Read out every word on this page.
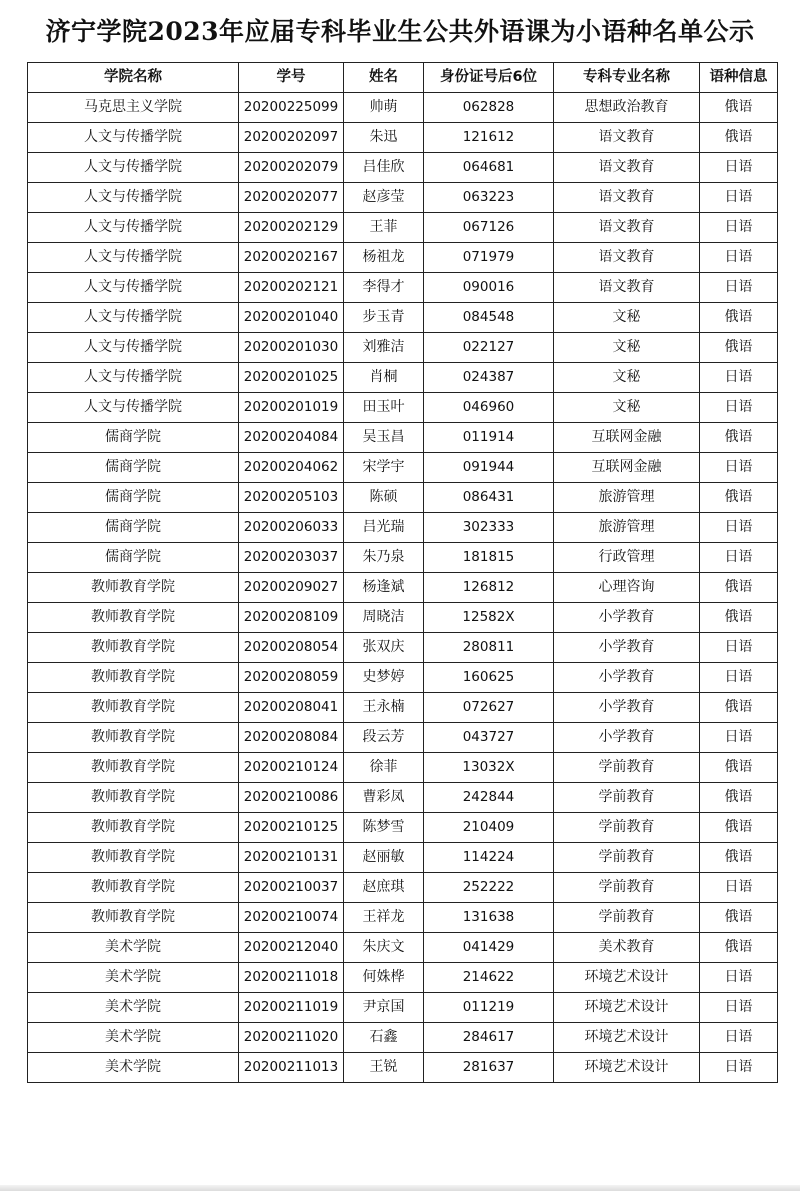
济宁学院2023年应届专科毕业生公共外语课为小语种名单公示
学院名称	学号	姓名	身份证号后6位	专科专业名称	语种信息
马克思主义学院	20200225099	帅萌	062828	思想政治教育	俄语
人文与传播学院	20200202097	朱迅	121612	语文教育	俄语
人文与传播学院	20200202079	吕佳欣	064681	语文教育	日语
人文与传播学院	20200202077	赵彦莹	063223	语文教育	日语
人文与传播学院	20200202129	王菲	067126	语文教育	日语
人文与传播学院	20200202167	杨祖龙	071979	语文教育	日语
人文与传播学院	20200202121	李得才	090016	语文教育	日语
人文与传播学院	20200201040	步玉青	084548	文秘	俄语
人文与传播学院	20200201030	刘雅洁	022127	文秘	俄语
人文与传播学院	20200201025	肖桐	024387	文秘	日语
人文与传播学院	20200201019	田玉叶	046960	文秘	日语
儒商学院	20200204084	吴玉昌	011914	互联网金融	俄语
儒商学院	20200204062	宋学宇	091944	互联网金融	日语
儒商学院	20200205103	陈硕	086431	旅游管理	俄语
儒商学院	20200206033	吕光瑞	302333	旅游管理	日语
儒商学院	20200203037	朱乃泉	181815	行政管理	日语
教师教育学院	20200209027	杨逢斌	126812	心理咨询	俄语
教师教育学院	20200208109	周晓洁	12582X	小学教育	俄语
教师教育学院	20200208054	张双庆	280811	小学教育	日语
教师教育学院	20200208059	史梦婷	160625	小学教育	日语
教师教育学院	20200208041	王永楠	072627	小学教育	俄语
教师教育学院	20200208084	段云芳	043727	小学教育	日语
教师教育学院	20200210124	徐菲	13032X	学前教育	俄语
教师教育学院	20200210086	曹彩凤	242844	学前教育	俄语
教师教育学院	20200210125	陈梦雪	210409	学前教育	俄语
教师教育学院	20200210131	赵丽敏	114224	学前教育	俄语
教师教育学院	20200210037	赵庶琪	252222	学前教育	日语
教师教育学院	20200210074	王祥龙	131638	学前教育	俄语
美术学院	20200212040	朱庆文	041429	美术教育	俄语
美术学院	20200211018	何姝桦	214622	环境艺术设计	日语
美术学院	20200211019	尹京国	011219	环境艺术设计	日语
美术学院	20200211020	石鑫	284617	环境艺术设计	日语
美术学院	20200211013	王锐	281637	环境艺术设计	日语
